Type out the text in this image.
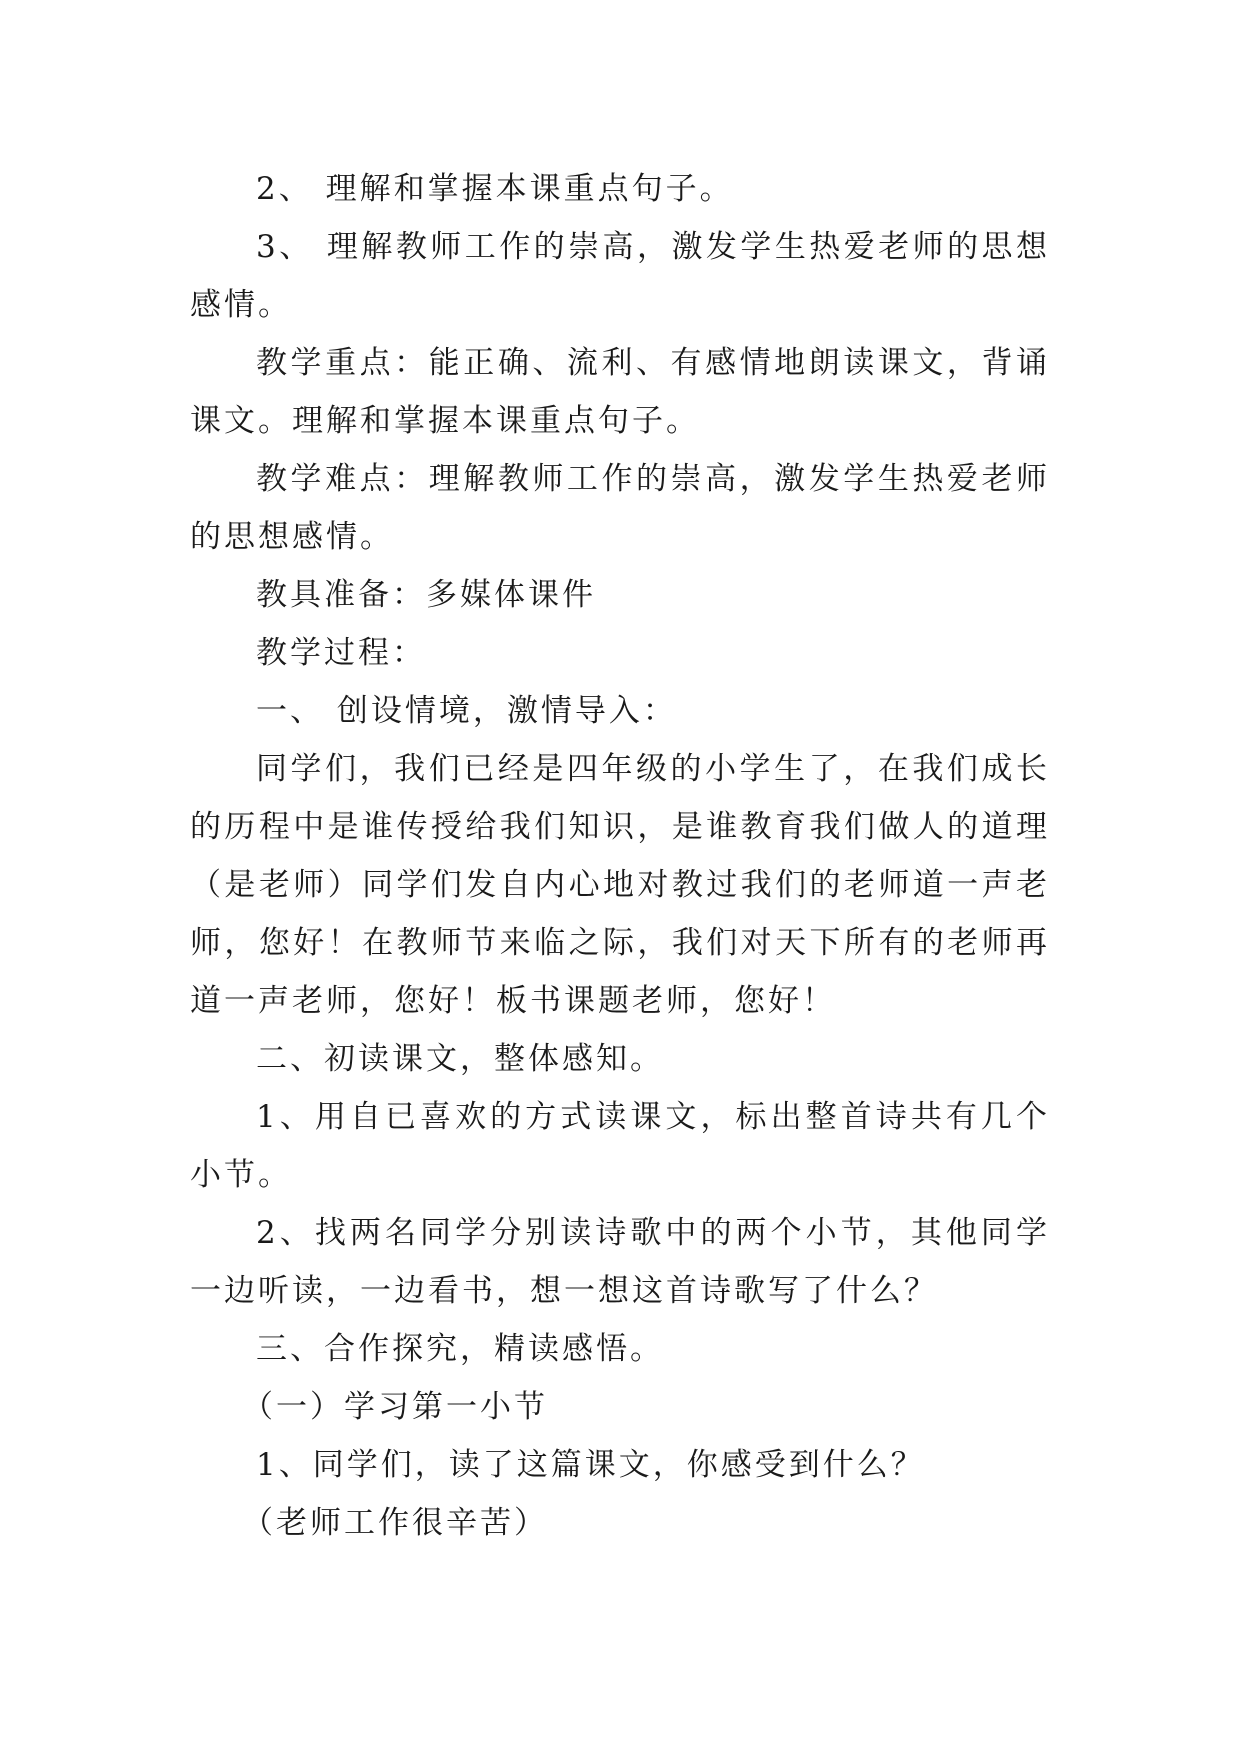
2、 理解和掌握本课重点句子。

3、 理解教师工作的崇高，激发学生热爱老师的思想感情。

教学重点：能正确、流利、有感情地朗读课文，背诵课文。理解和掌握本课重点句子。

教学难点：理解教师工作的崇高，激发学生热爱老师的思想感情。

教具准备：多媒体课件

教学过程：

一、 创设情境，激情导入：

同学们，我们已经是四年级的小学生了，在我们成长的历程中是谁传授给我们知识，是谁教育我们做人的道理（是老师）同学们发自内心地对教过我们的老师道一声老师，您好！在教师节来临之际，我们对天下所有的老师再道一声老师，您好！板书课题老师，您好！

二、初读课文，整体感知。

1、用自已喜欢的方式读课文，标出整首诗共有几个小节。

2、找两名同学分别读诗歌中的两个小节，其他同学一边听读，一边看书，想一想这首诗歌写了什么？

三、合作探究，精读感悟。

（一）学习第一小节

1、同学们，读了这篇课文，你感受到什么？

（老师工作很辛苦）
